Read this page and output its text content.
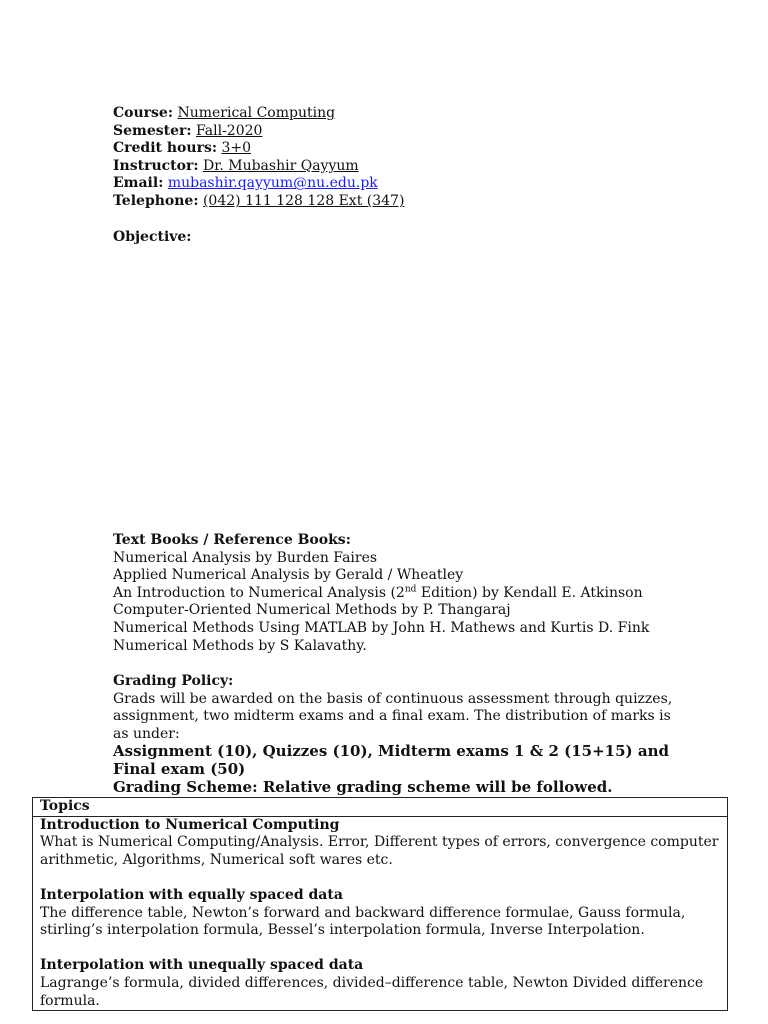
Course: Numerical Computing
Semester: Fall-2020
Credit hours: 3+0
Instructor: Dr. Mubashir Qayyum
Email: mubashir.qayyum@nu.edu.pk
Telephone: (042) 111 128 128 Ext (347)
Objective:
Text Books / Reference Books:
Numerical Analysis by Burden Faires
Applied Numerical Analysis by Gerald / Wheatley
An Introduction to Numerical Analysis (2nd Edition) by Kendall E. Atkinson
Computer-Oriented Numerical Methods by P. Thangaraj
Numerical Methods Using MATLAB by John H. Mathews and Kurtis D. Fink
Numerical Methods by S Kalavathy.
Grading Policy:
Grads will be awarded on the basis of continuous assessment through quizzes, assignment, two midterm exams and a final exam. The distribution of marks is as under:
Assignment (10), Quizzes (10), Midterm exams 1 & 2 (15+15) and Final exam (50)
Grading Scheme: Relative grading scheme will be followed.
Topics

Introduction to Numerical Computing
What is Numerical Computing/Analysis. Error, Different types of errors, convergence computer arithmetic, Algorithms, Numerical soft wares etc.
Interpolation with equally spaced data
The difference table, Newton’s forward and backward difference formulae, Gauss formula, stirling’s interpolation formula, Bessel’s interpolation formula, Inverse Interpolation.
Interpolation with unequally spaced data
Lagrange’s formula, divided differences, divided–difference table, Newton Divided difference formula.
